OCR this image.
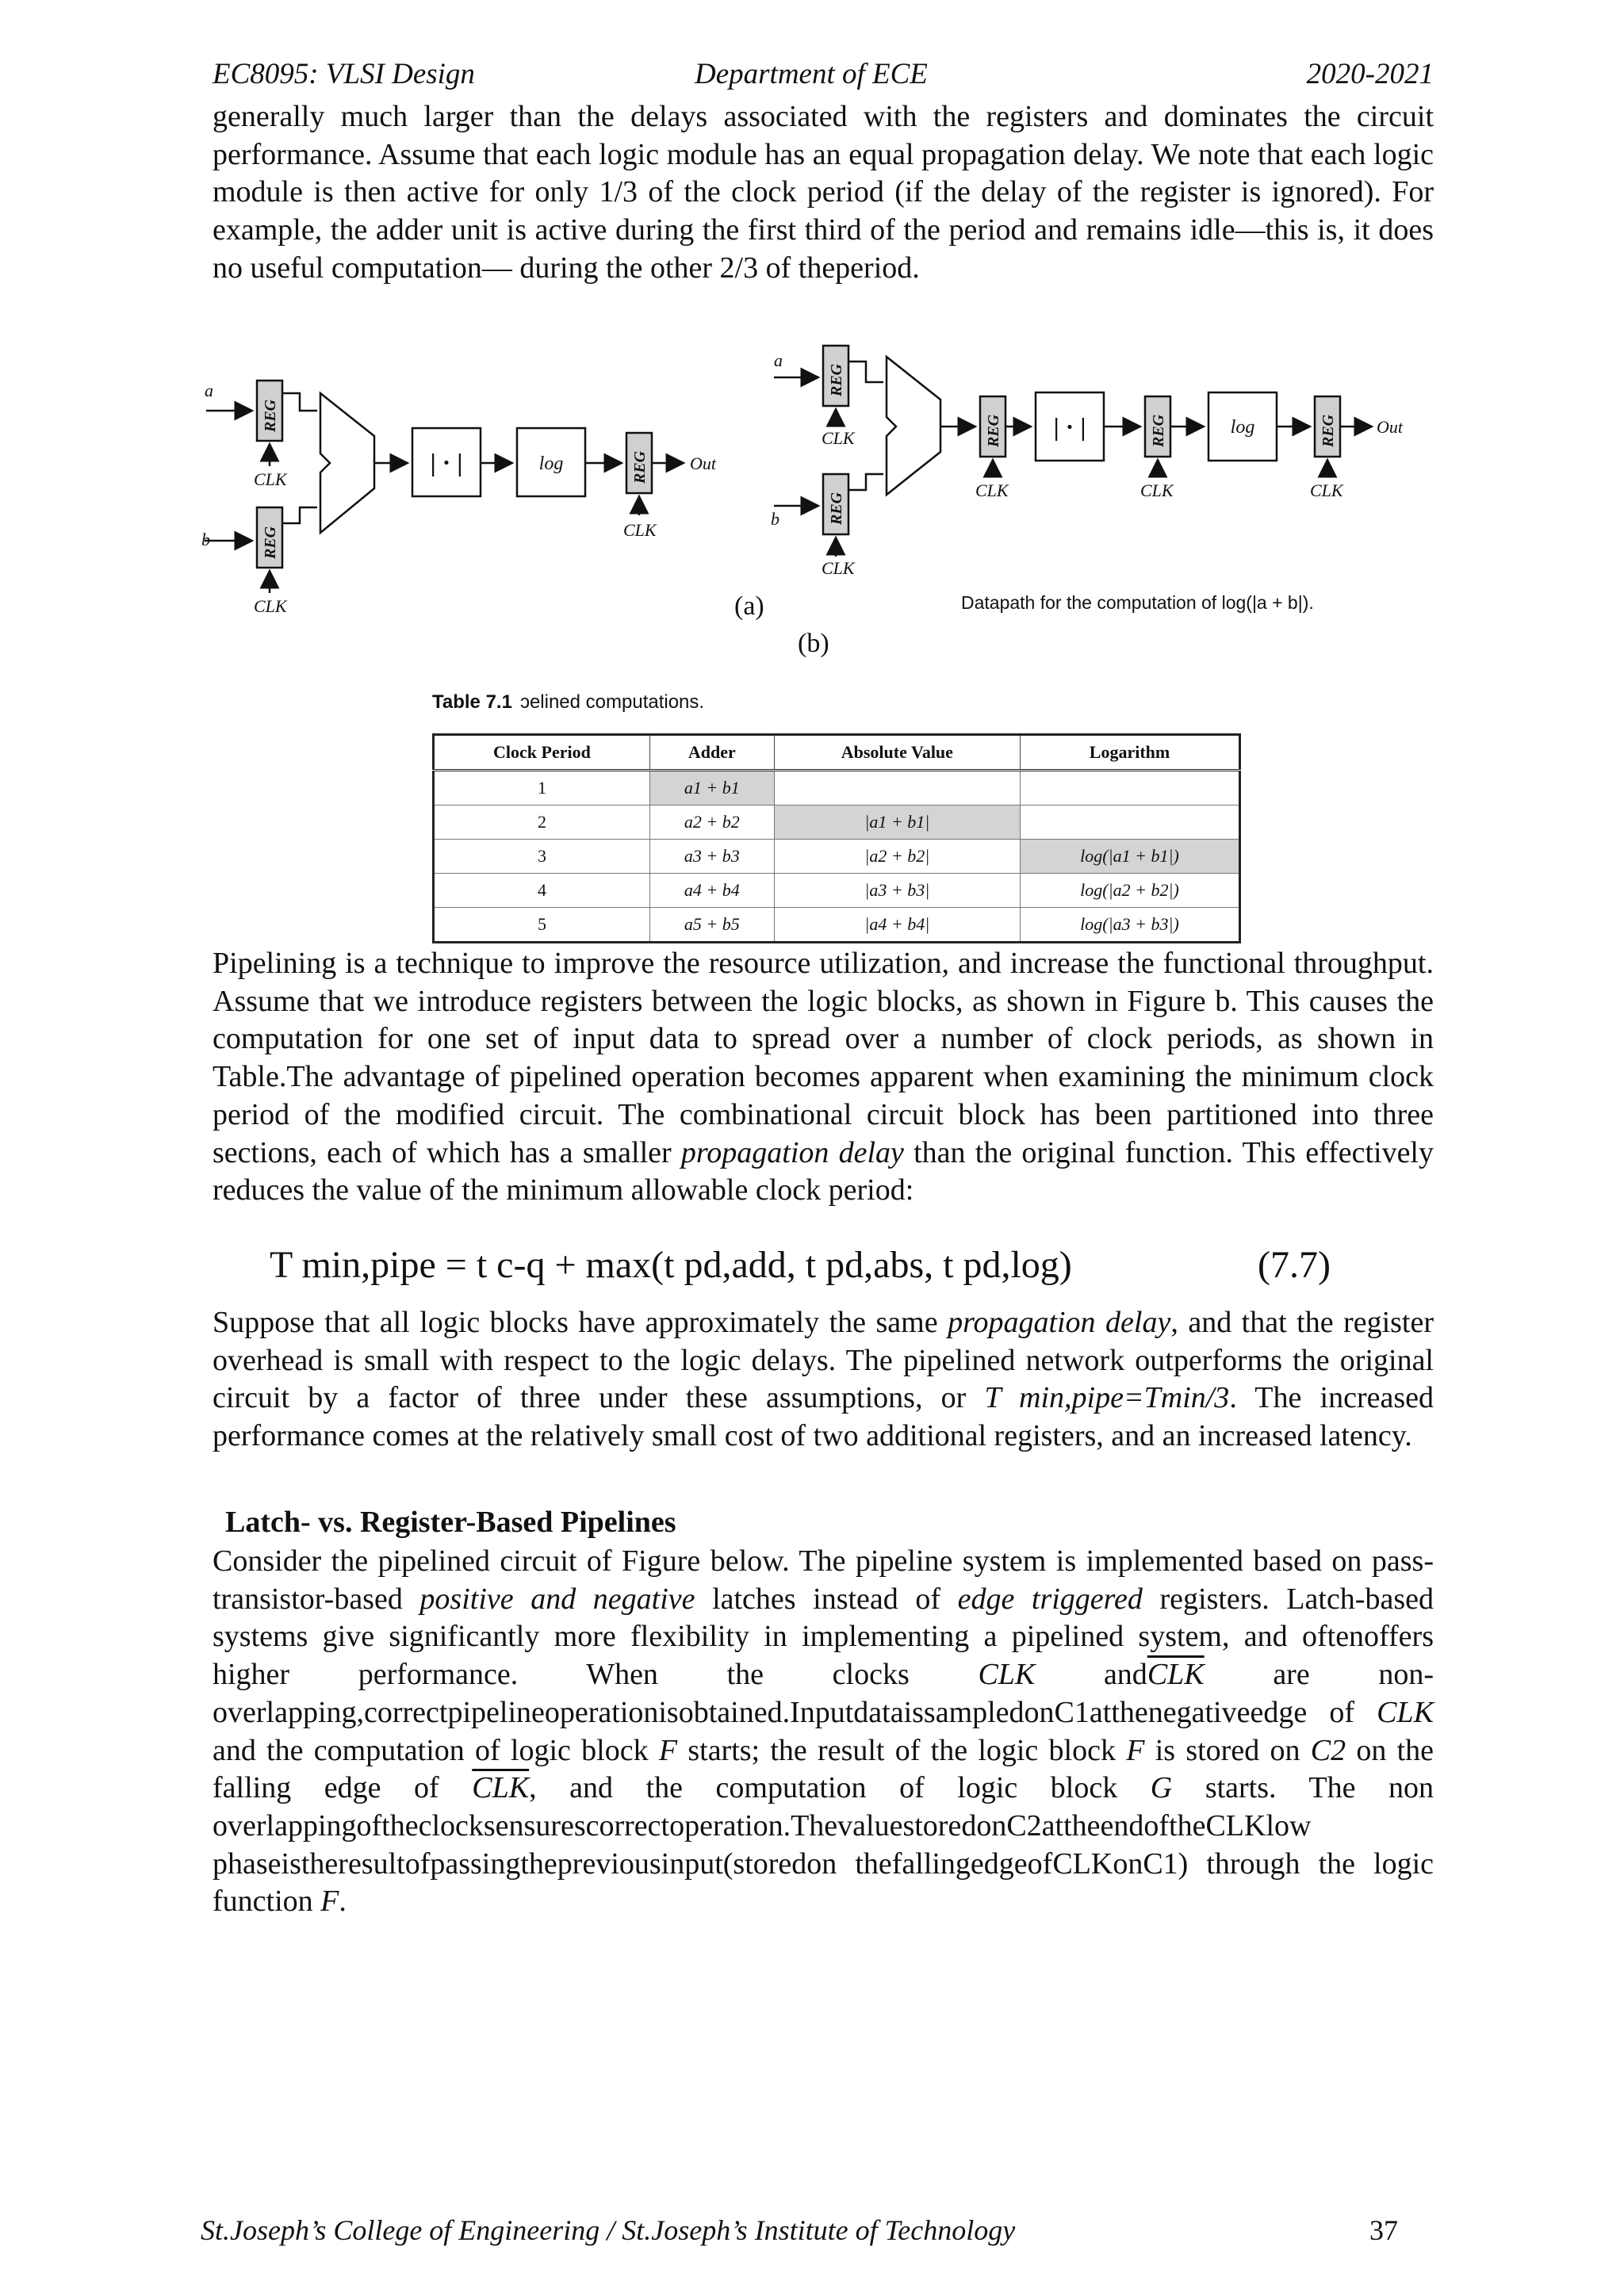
EC8095: VLSI Design	Department of ECE	2020-2021

generally much larger than the delays associated with the registers and dominates the circuit performance. Assume that each logic module has an equal propagation delay. We note that each logic module is then active for only 1/3 of the clock period (if the delay of the register is ignored). For example, the adder unit is active during the first third of the period and remains idle—this is, it does no useful computation— during the other 2/3 of theperiod.

a
REG
CLK
b	REG
CLK
| · |	log	REG Out
CLK
(a)
a
REG
CLK
b	REG
CLK
REG
CLK
| · |	REG
CLK
log	REG
CLK
Out
Datapath for the computation of log(|a + b|).
(b)
Table 7.1 ɔelined computations.
Clock Period	Adder	Absolute Value	Logarithm
1	a1 + b1		
2	a2 + b2	|a1 + b1|	
3	a3 + b3	|a2 + b2|	log(|a1 + b1|)
4	a4 + b4	|a3 + b3|	log(|a2 + b2|)
5	a5 + b5	|a4 + b4|	log(|a3 + b3|)

Pipelining is a technique to improve the resource utilization, and increase the functional throughput. Assume that we introduce registers between the logic blocks, as shown in Figure b. This causes the computation for one set of input data to spread over a number of clock periods, as shown in Table.The advantage of pipelined operation becomes apparent when examining the minimum clock period of the modified circuit. The combinational circuit block has been partitioned into three sections, each of which has a smaller propagation delay than the original function. This effectively reduces the value of the minimum allowable clock period:

T min,pipe = t c-q + max(t pd,add, t pd,abs, t pd,log)	(7.7)

Suppose that all logic blocks have approximately the same propagation delay, and that the register overhead is small with respect to the logic delays. The pipelined network outperforms the original circuit by a factor of three under these assumptions, or T min,pipe=Tmin/3. The increased performance comes at the relatively small cost of two additional registers, and an increased latency.

Latch- vs. Register-Based Pipelines

Consider the pipelined circuit of Figure below. The pipeline system is implemented based on pass-transistor-based positive and negative latches instead of edge triggered registers. Latch-based systems give significantly more flexibility in implementing a pipelined system, and oftenoffers higher performance. When the clocks CLK $and\overline{CLK}$ are non-overlapping,correctpipelineoperationisobtained.InputdataissampledonC1atthenegativeedge of CLK and the computation of logic block F starts; the result of the logic block F is stored on C2 on the falling edge of $\overline{CLK}$, and the computation of logic block G starts. The non overlappingoftheclocksensurescorrectoperation.ThevaluestoredonC2attheendoftheCLKlow phaseistheresultofpassingthepreviousinput(storedon thefallingedgeofCLKonC1) through the logic function F.

St.Joseph’s College of Engineering / St.Joseph’s Institute of Technology	37
